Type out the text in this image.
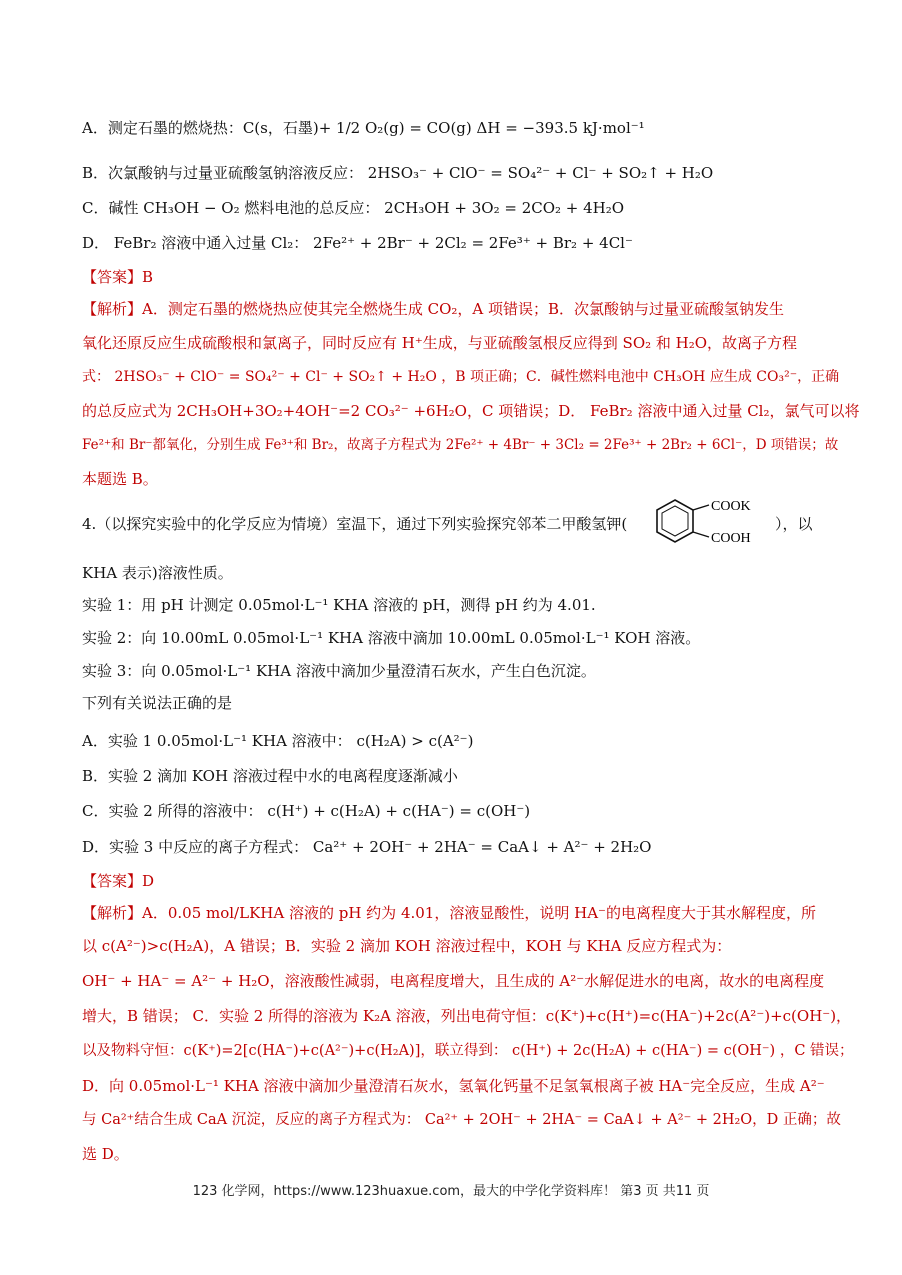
A．测定石墨的燃烧热：C(s，石墨)+ 1/2 O₂(g) = CO(g) ΔH = −393.5 kJ·mol⁻¹
B．次氯酸钠与过量亚硫酸氢钠溶液反应： 2HSO₃⁻ + ClO⁻ = SO₄²⁻ + Cl⁻ + SO₂↑ + H₂O
C．碱性 CH₃OH − O₂ 燃料电池的总反应： 2CH₃OH + 3O₂ = 2CO₂ + 4H₂O
D． FeBr₂ 溶液中通入过量 Cl₂： 2Fe²⁺ + 2Br⁻ + 2Cl₂ = 2Fe³⁺ + Br₂ + 4Cl⁻
【答案】B
【解析】A．测定石墨的燃烧热应使其完全燃烧生成 CO₂，A 项错误；B．次氯酸钠与过量亚硫酸氢钠发生
氧化还原反应生成硫酸根和氯离子，同时反应有 H⁺生成，与亚硫酸氢根反应得到 SO₂ 和 H₂O，故离子方程
式： 2HSO₃⁻ + ClO⁻ = SO₄²⁻ + Cl⁻ + SO₂↑ + H₂O ，B 项正确；C．碱性燃料电池中 CH₃OH 应生成 CO₃²⁻，正确
的总反应式为 2CH₃OH+3O₂+4OH⁻=2 CO₃²⁻ +6H₂O，C 项错误；D． FeBr₂ 溶液中通入过量 Cl₂，氯气可以将
Fe²⁺和 Br⁻都氧化，分别生成 Fe³⁺和 Br₂，故离子方程式为 2Fe²⁺ + 4Br⁻ + 3Cl₂ = 2Fe³⁺ + 2Br₂ + 6Cl⁻，D 项错误；故
本题选 B。
4.（以探究实验中的化学反应为情境）室温下，通过下列实验探究邻苯二甲酸氢钾(
COOK
COOH
），以
KHA 表示)溶液性质。
实验 1：用 pH 计测定 0.05mol·L⁻¹ KHA 溶液的 pH，测得 pH 约为 4.01.
实验 2：向 10.00mL 0.05mol·L⁻¹ KHA 溶液中滴加 10.00mL 0.05mol·L⁻¹ KOH 溶液。
实验 3：向 0.05mol·L⁻¹ KHA 溶液中滴加少量澄清石灰水，产生白色沉淀。
下列有关说法正确的是
A．实验 1 0.05mol·L⁻¹ KHA 溶液中： c(H₂A) > c(A²⁻)
B．实验 2 滴加 KOH 溶液过程中水的电离程度逐渐减小
C．实验 2 所得的溶液中： c(H⁺) + c(H₂A) + c(HA⁻) = c(OH⁻)
D．实验 3 中反应的离子方程式： Ca²⁺ + 2OH⁻ + 2HA⁻ = CaA↓ + A²⁻ + 2H₂O
【答案】D
【解析】A．0.05 mol/LKHA 溶液的 pH 约为 4.01，溶液显酸性，说明 HA⁻的电离程度大于其水解程度，所
以 c(A²⁻)>c(H₂A)，A 错误；B．实验 2 滴加 KOH 溶液过程中，KOH 与 KHA 反应方程式为：
OH⁻ + HA⁻ = A²⁻ + H₂O，溶液酸性减弱，电离程度增大，且生成的 A²⁻水解促进水的电离，故水的电离程度
增大，B 错误； C．实验 2 所得的溶液为 K₂A 溶液，列出电荷守恒：c(K⁺)+c(H⁺)=c(HA⁻)+2c(A²⁻)+c(OH⁻)，
以及物料守恒：c(K⁺)=2[c(HA⁻)+c(A²⁻)+c(H₂A)]，联立得到： c(H⁺) + 2c(H₂A) + c(HA⁻) = c(OH⁻) ，C 错误；
D．向 0.05mol·L⁻¹ KHA 溶液中滴加少量澄清石灰水，氢氧化钙量不足氢氧根离子被 HA⁻完全反应，生成 A²⁻
与 Ca²⁺结合生成 CaA 沉淀，反应的离子方程式为： Ca²⁺ + 2OH⁻ + 2HA⁻ = CaA↓ + A²⁻ + 2H₂O，D 正确；故
选 D。
123 化学网，https://www.123huaxue.com，最大的中学化学资料库！ 第3 页 共11 页
